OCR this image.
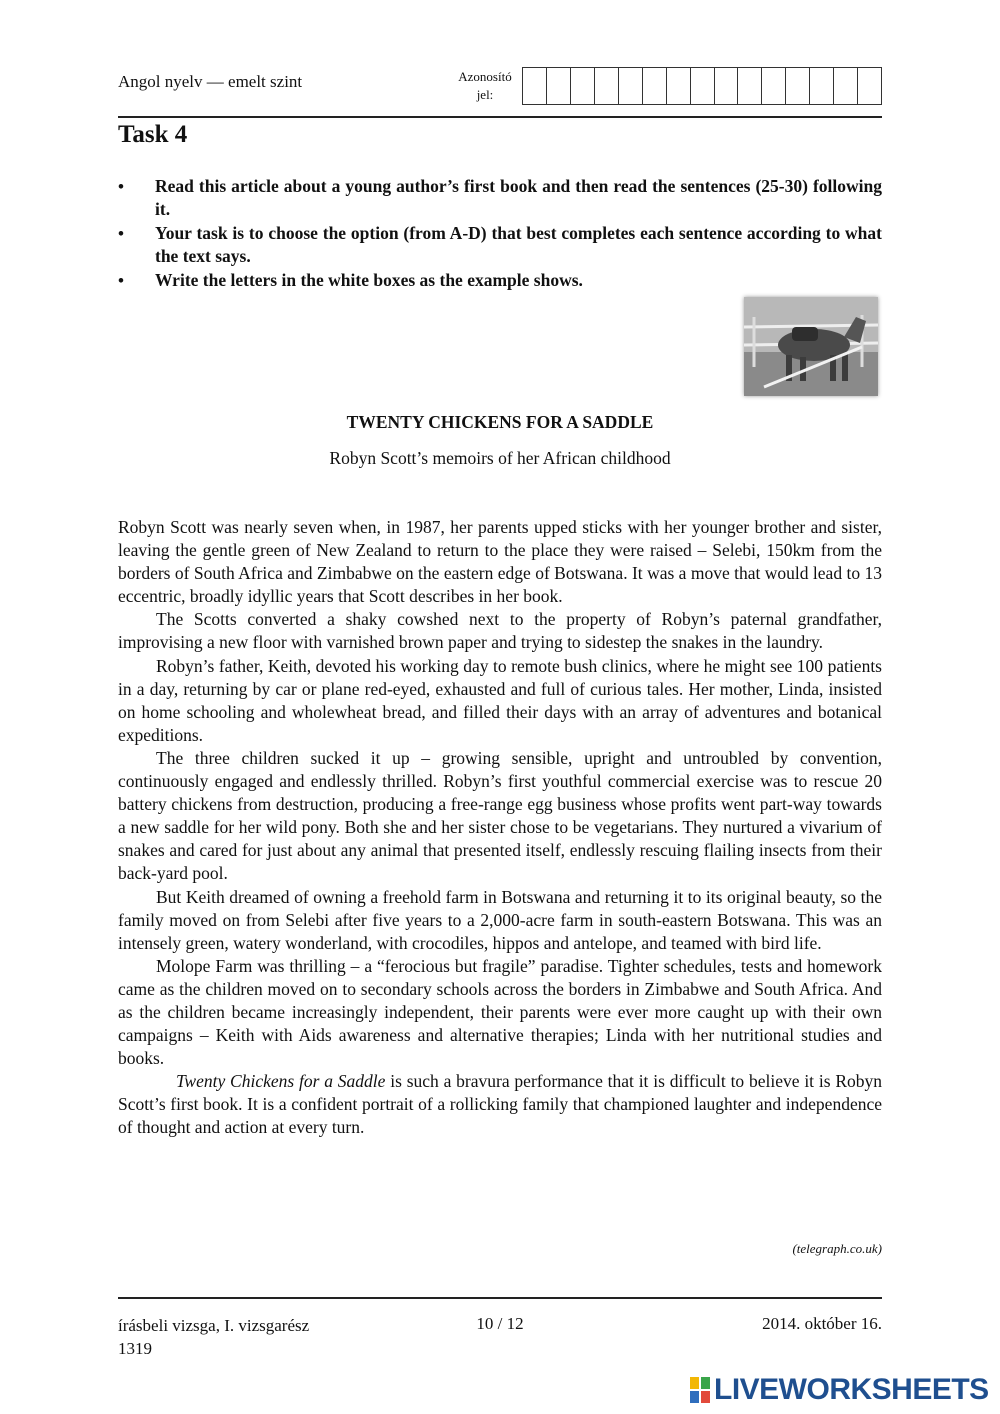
Angol nyelv — emelt szint	Azonosító
jel:
Task 4
• Read this article about a young author’s first book and then read the sentences (25-30) following it.
• Your task is to choose the option (from A-D) that best completes each sentence according to what the text says.
• Write the letters in the white boxes as the example shows.
TWENTY CHICKENS FOR A SADDLE
Robyn Scott’s memoirs of her African childhood

Robyn Scott was nearly seven when, in 1987, her parents upped sticks with her younger brother and sister, leaving the gentle green of New Zealand to return to the place they were raised – Selebi, 150km from the borders of South Africa and Zimbabwe on the eastern edge of Botswana. It was a move that would lead to 13 eccentric, broadly idyllic years that Scott describes in her book.

The Scotts converted a shaky cowshed next to the property of Robyn’s paternal grandfather, improvising a new floor with varnished brown paper and trying to sidestep the snakes in the laundry.

Robyn’s father, Keith, devoted his working day to remote bush clinics, where he might see 100 patients in a day, returning by car or plane red-eyed, exhausted and full of curious tales. Her mother, Linda, insisted on home schooling and wholewheat bread, and filled their days with an array of adventures and botanical expeditions.

The three children sucked it up – growing sensible, upright and untroubled by convention, continuously engaged and endlessly thrilled. Robyn’s first youthful commercial exercise was to rescue 20 battery chickens from destruction, producing a free-range egg business whose profits went part-way towards a new saddle for her wild pony. Both she and her sister chose to be vegetarians. They nurtured a vivarium of snakes and cared for just about any animal that presented itself, endlessly rescuing flailing insects from their back-yard pool.

But Keith dreamed of owning a freehold farm in Botswana and returning it to its original beauty, so the family moved on from Selebi after five years to a 2,000-acre farm in south-eastern Botswana. This was an intensely green, watery wonderland, with crocodiles, hippos and antelope, and teamed with bird life.

Molope Farm was thrilling – a “ferocious but fragile” paradise. Tighter schedules, tests and homework came as the children moved on to secondary schools across the borders in Zimbabwe and South Africa. And as the children became increasingly independent, their parents were ever more caught up with their own campaigns – Keith with Aids awareness and alternative therapies; Linda with her nutritional studies and books.

Twenty Chickens for a Saddle is such a bravura performance that it is difficult to believe it is Robyn Scott’s first book. It is a confident portrait of a rollicking family that championed laughter and independence of thought and action at every turn.

(telegraph.co.uk)
írásbeli vizsga, I. vizsgarész
1319
10 / 12	2014. október 16.
LIVEWORKSHEETS
